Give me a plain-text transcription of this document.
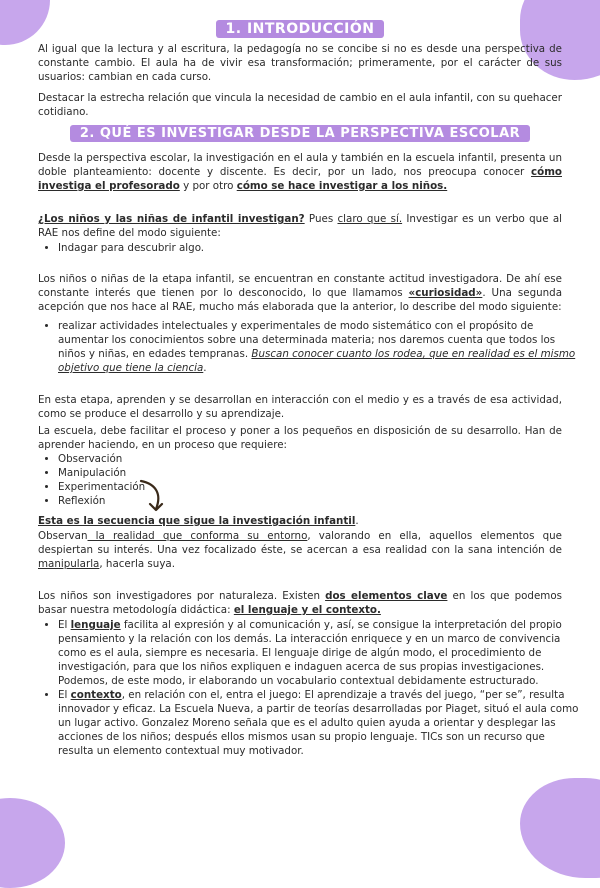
1. INTRODUCCIÓN

Al igual que la lectura y al escritura, la pedagogía no se concibe si no es desde una perspectiva de constante cambio. El aula ha de vivir esa transformación; primeramente, por el carácter de sus usuarios: cambian en cada curso.

Destacar la estrecha relación que vincula la necesidad de cambio en el aula infantil, con su quehacer cotidiano.

2. QUÉ ES INVESTIGAR DESDE LA PERSPECTIVA ESCOLAR

Desde la perspectiva escolar, la investigación en el aula y también en la escuela infantil, presenta un doble planteamiento: docente y discente. Es decir, por un lado, nos preocupa conocer cómo investiga el profesorado y por otro cómo se hace investigar a los niños.

¿Los niños y las niñas de infantil investigan? Pues claro que sí. Investigar es un verbo que al RAE nos define del modo siguiente:

• Indagar para descubrir algo.

Los niños o niñas de la etapa infantil, se encuentran en constante actitud investigadora. De ahí ese constante interés que tienen por lo desconocido, lo que llamamos «curiosidad». Una segunda acepción que nos hace al RAE, mucho más elaborada que la anterior, lo describe del modo siguiente:

• realizar actividades intelectuales y experimentales de modo sistemático con el propósito de aumentar los conocimientos sobre una determinada materia; nos daremos cuenta que todos los niños y niñas, en edades tempranas. Buscan conocer cuanto los rodea, que en realidad es el mismo objetivo que tiene la ciencia.

En esta etapa, aprenden y se desarrollan en interacción con el medio y es a través de esa actividad, como se produce el desarrollo y su aprendizaje.

La escuela, debe facilitar el proceso y poner a los pequeños en disposición de su desarrollo. Han de aprender haciendo, en un proceso que requiere:

• Observación
• Manipulación
• Experimentación
• Reflexión

Esta es la secuencia que sigue la investigación infantil.

Observan la realidad que conforma su entorno, valorando en ella, aquellos elementos que despiertan su interés. Una vez focalizado éste, se acercan a esa realidad con la sana intención de manipularla, hacerla suya.

Los niños son investigadores por naturaleza. Existen dos elementos clave en los que podemos basar nuestra metodología didáctica: el lenguaje y el contexto.

• El lenguaje facilita al expresión y al comunicación y, así, se consigue la interpretación del propio pensamiento y la relación con los demás. La interacción enriquece y en un marco de convivencia como es el aula, siempre es necesaria. El lenguaje dirige de algún modo, el procedimiento de investigación, para que los niños expliquen e indaguen acerca de sus propias investigaciones. Podemos, de este modo, ir elaborando un vocabulario contextual debidamente estructurado.
• El contexto, en relación con el, entra el juego: El aprendizaje a través del juego, “per se”, resulta innovador y eficaz. La Escuela Nueva, a partir de teorías desarrolladas por Piaget, situó el aula como un lugar activo. Gonzalez Moreno señala que es el adulto quien ayuda a orientar y desplegar las acciones de los niños; después ellos mismos usan su propio lenguaje. TICs son un recurso que resulta un elemento contextual muy motivador.
